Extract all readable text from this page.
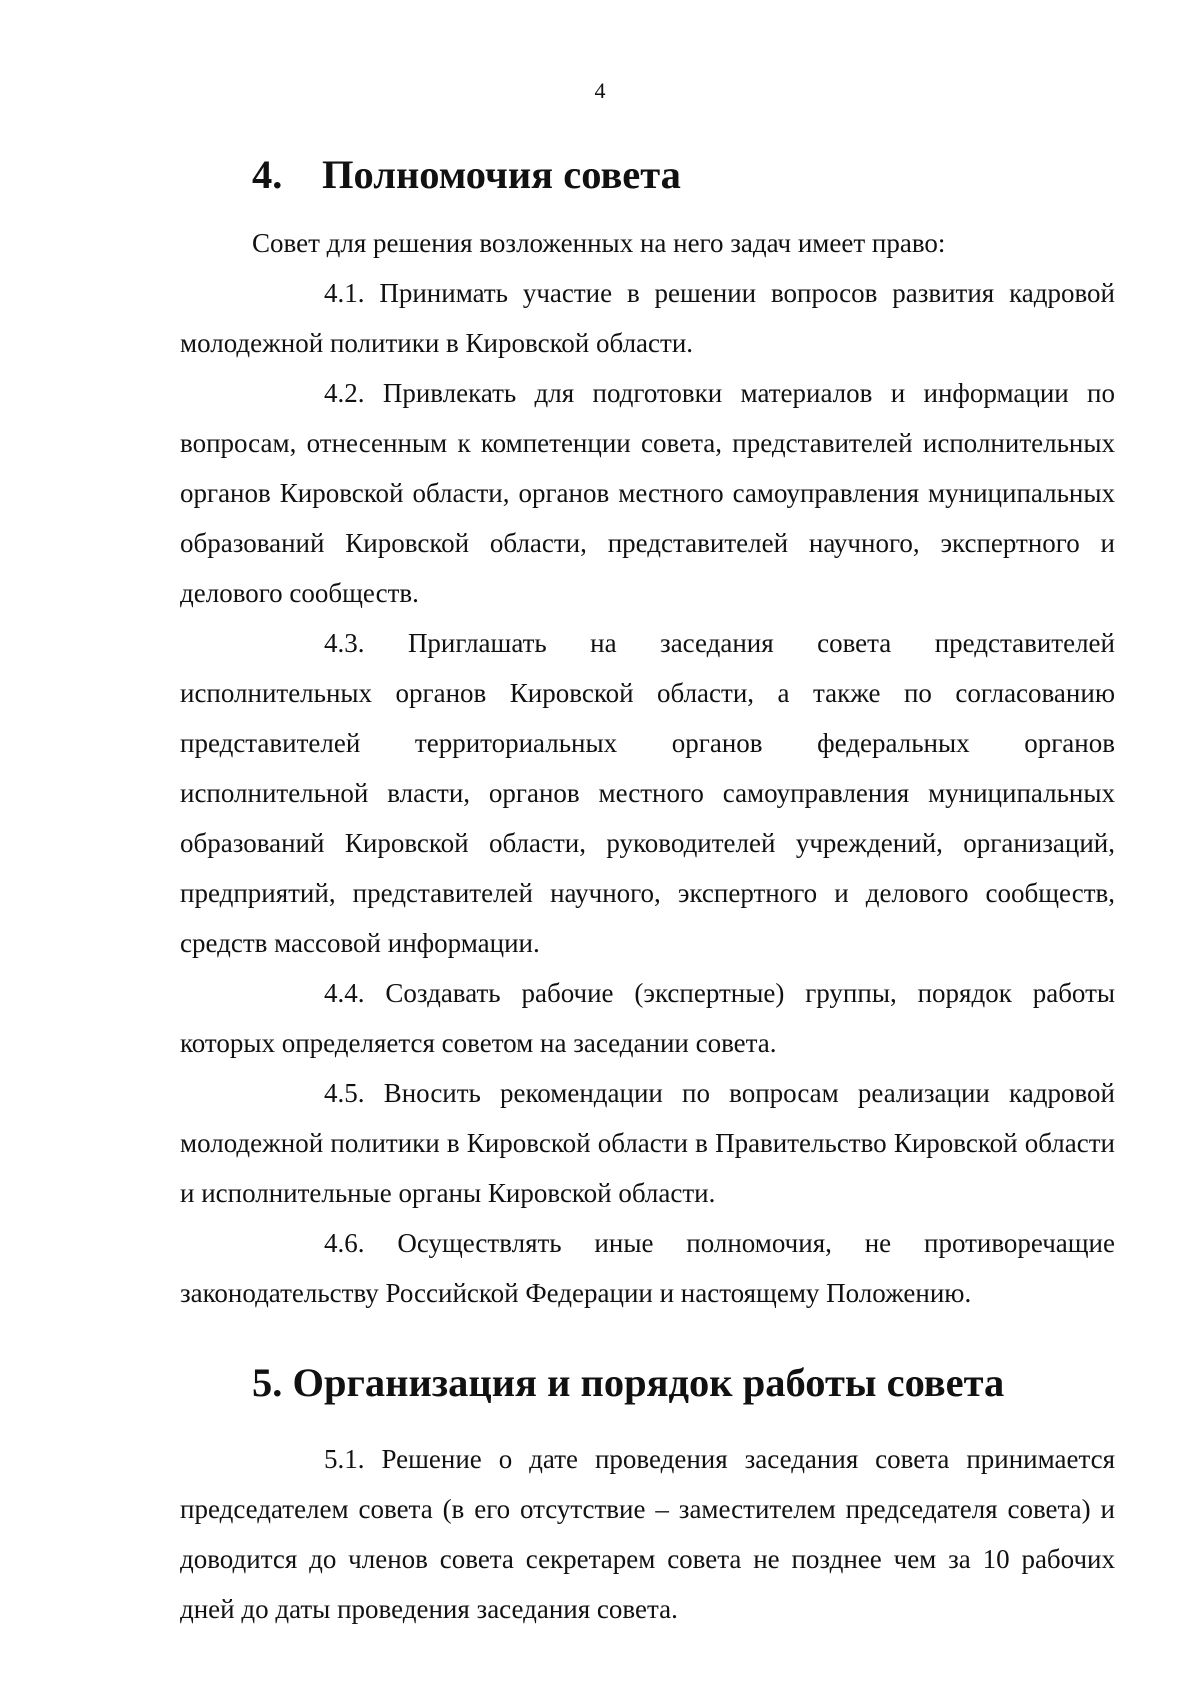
4
4. Полномочия совета

Совет для решения возложенных на него задач имеет право:

4.1. Принимать участие в решении вопросов развития кадровой молодежной политики в Кировской области.

4.2. Привлекать для подготовки материалов и информации по вопросам, отнесенным к компетенции совета, представителей исполнительных органов Кировской области, органов местного самоуправления муниципальных образований Кировской области, представителей научного, экспертного и делового сообществ.

4.3. Приглашать на заседания совета представителей исполнительных органов Кировской области, а также по согласованию представителей территориальных органов федеральных органов исполнительной власти, органов местного самоуправления муниципальных образований Кировской области, руководителей учреждений, организаций, предприятий, представителей научного, экспертного и делового сообществ, средств массовой информации.

4.4. Создавать рабочие (экспертные) группы, порядок работы которых определяется советом на заседании совета.

4.5. Вносить рекомендации по вопросам реализации кадровой молодежной политики в Кировской области в Правительство Кировской области и исполнительные органы Кировской области.

4.6. Осуществлять иные полномочия, не противоречащие законодательству Российской Федерации и настоящему Положению.

5. Организация и порядок работы совета

5.1. Решение о дате проведения заседания совета принимается председателем совета (в его отсутствие – заместителем председателя совета) и доводится до членов совета секретарем совета не позднее чем за 10 рабочих дней до даты проведения заседания совета.
